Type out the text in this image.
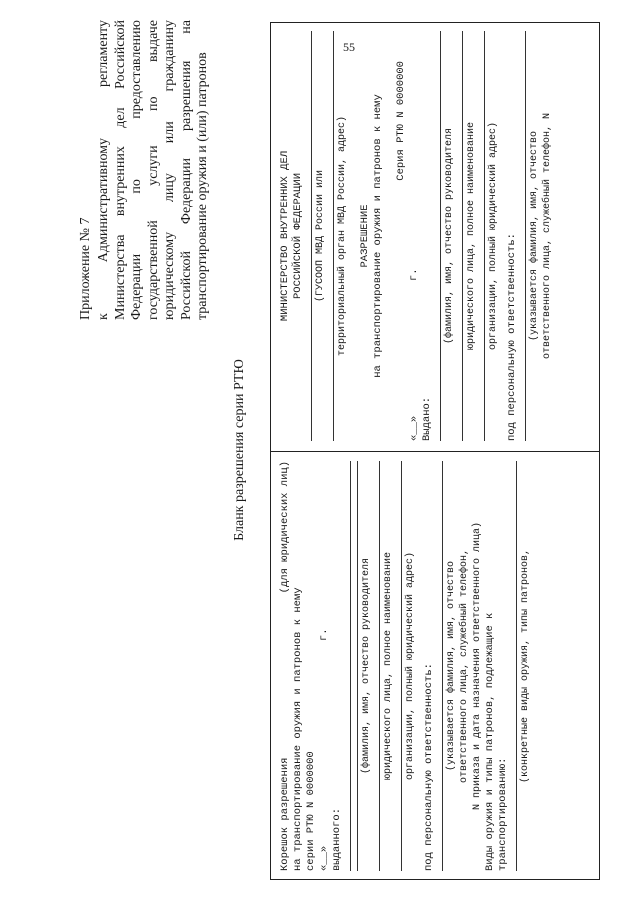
55
Приложение № 7 к Административному регламенту Министерства внутренних дел Российской Федерации по предоставлению государственной услуги по выдаче юридическому лицу или гражданину Российской Федерации разрешения на транспортирование оружия и (или) патронов
Бланк разрешения серии РТЮ
Корешок разрешения
(для юридических лиц)
на транспортирование оружия и патронов к нему серии РТЮ N 0000000 «__»
г.
выданного:
(фамилия, имя, отчество руководителя юридического лица, полное наименование организации, полный юридический адрес) под персональную ответственность: (указывается фамилия, имя, отчество ответственного лица, служебный телефон, N приказа и дата назначения ответственного лица) Виды оружия и типы патронов, подлежащие к транспортированию:
(конкретные виды оружия, типы патронов,
МИНИСТЕРСТВО ВНУТРЕННИХ ДЕЛ РОССИЙСКОЙ ФЕДЕРАЦИИ (ГУСООП МВД России или территориальный орган МВД России, адрес) РАЗРЕШЕНИЕ на транспортирование оружия и патронов к нему Серия РТЮ N 0000000
«__»
г.
Выдано:
(фамилия, имя, отчество руководителя юридического лица, полное наименование организации, полный юридический адрес) под персональную ответственность: (указывается фамилия, имя, отчество ответственного лица, служебный телефон, N
